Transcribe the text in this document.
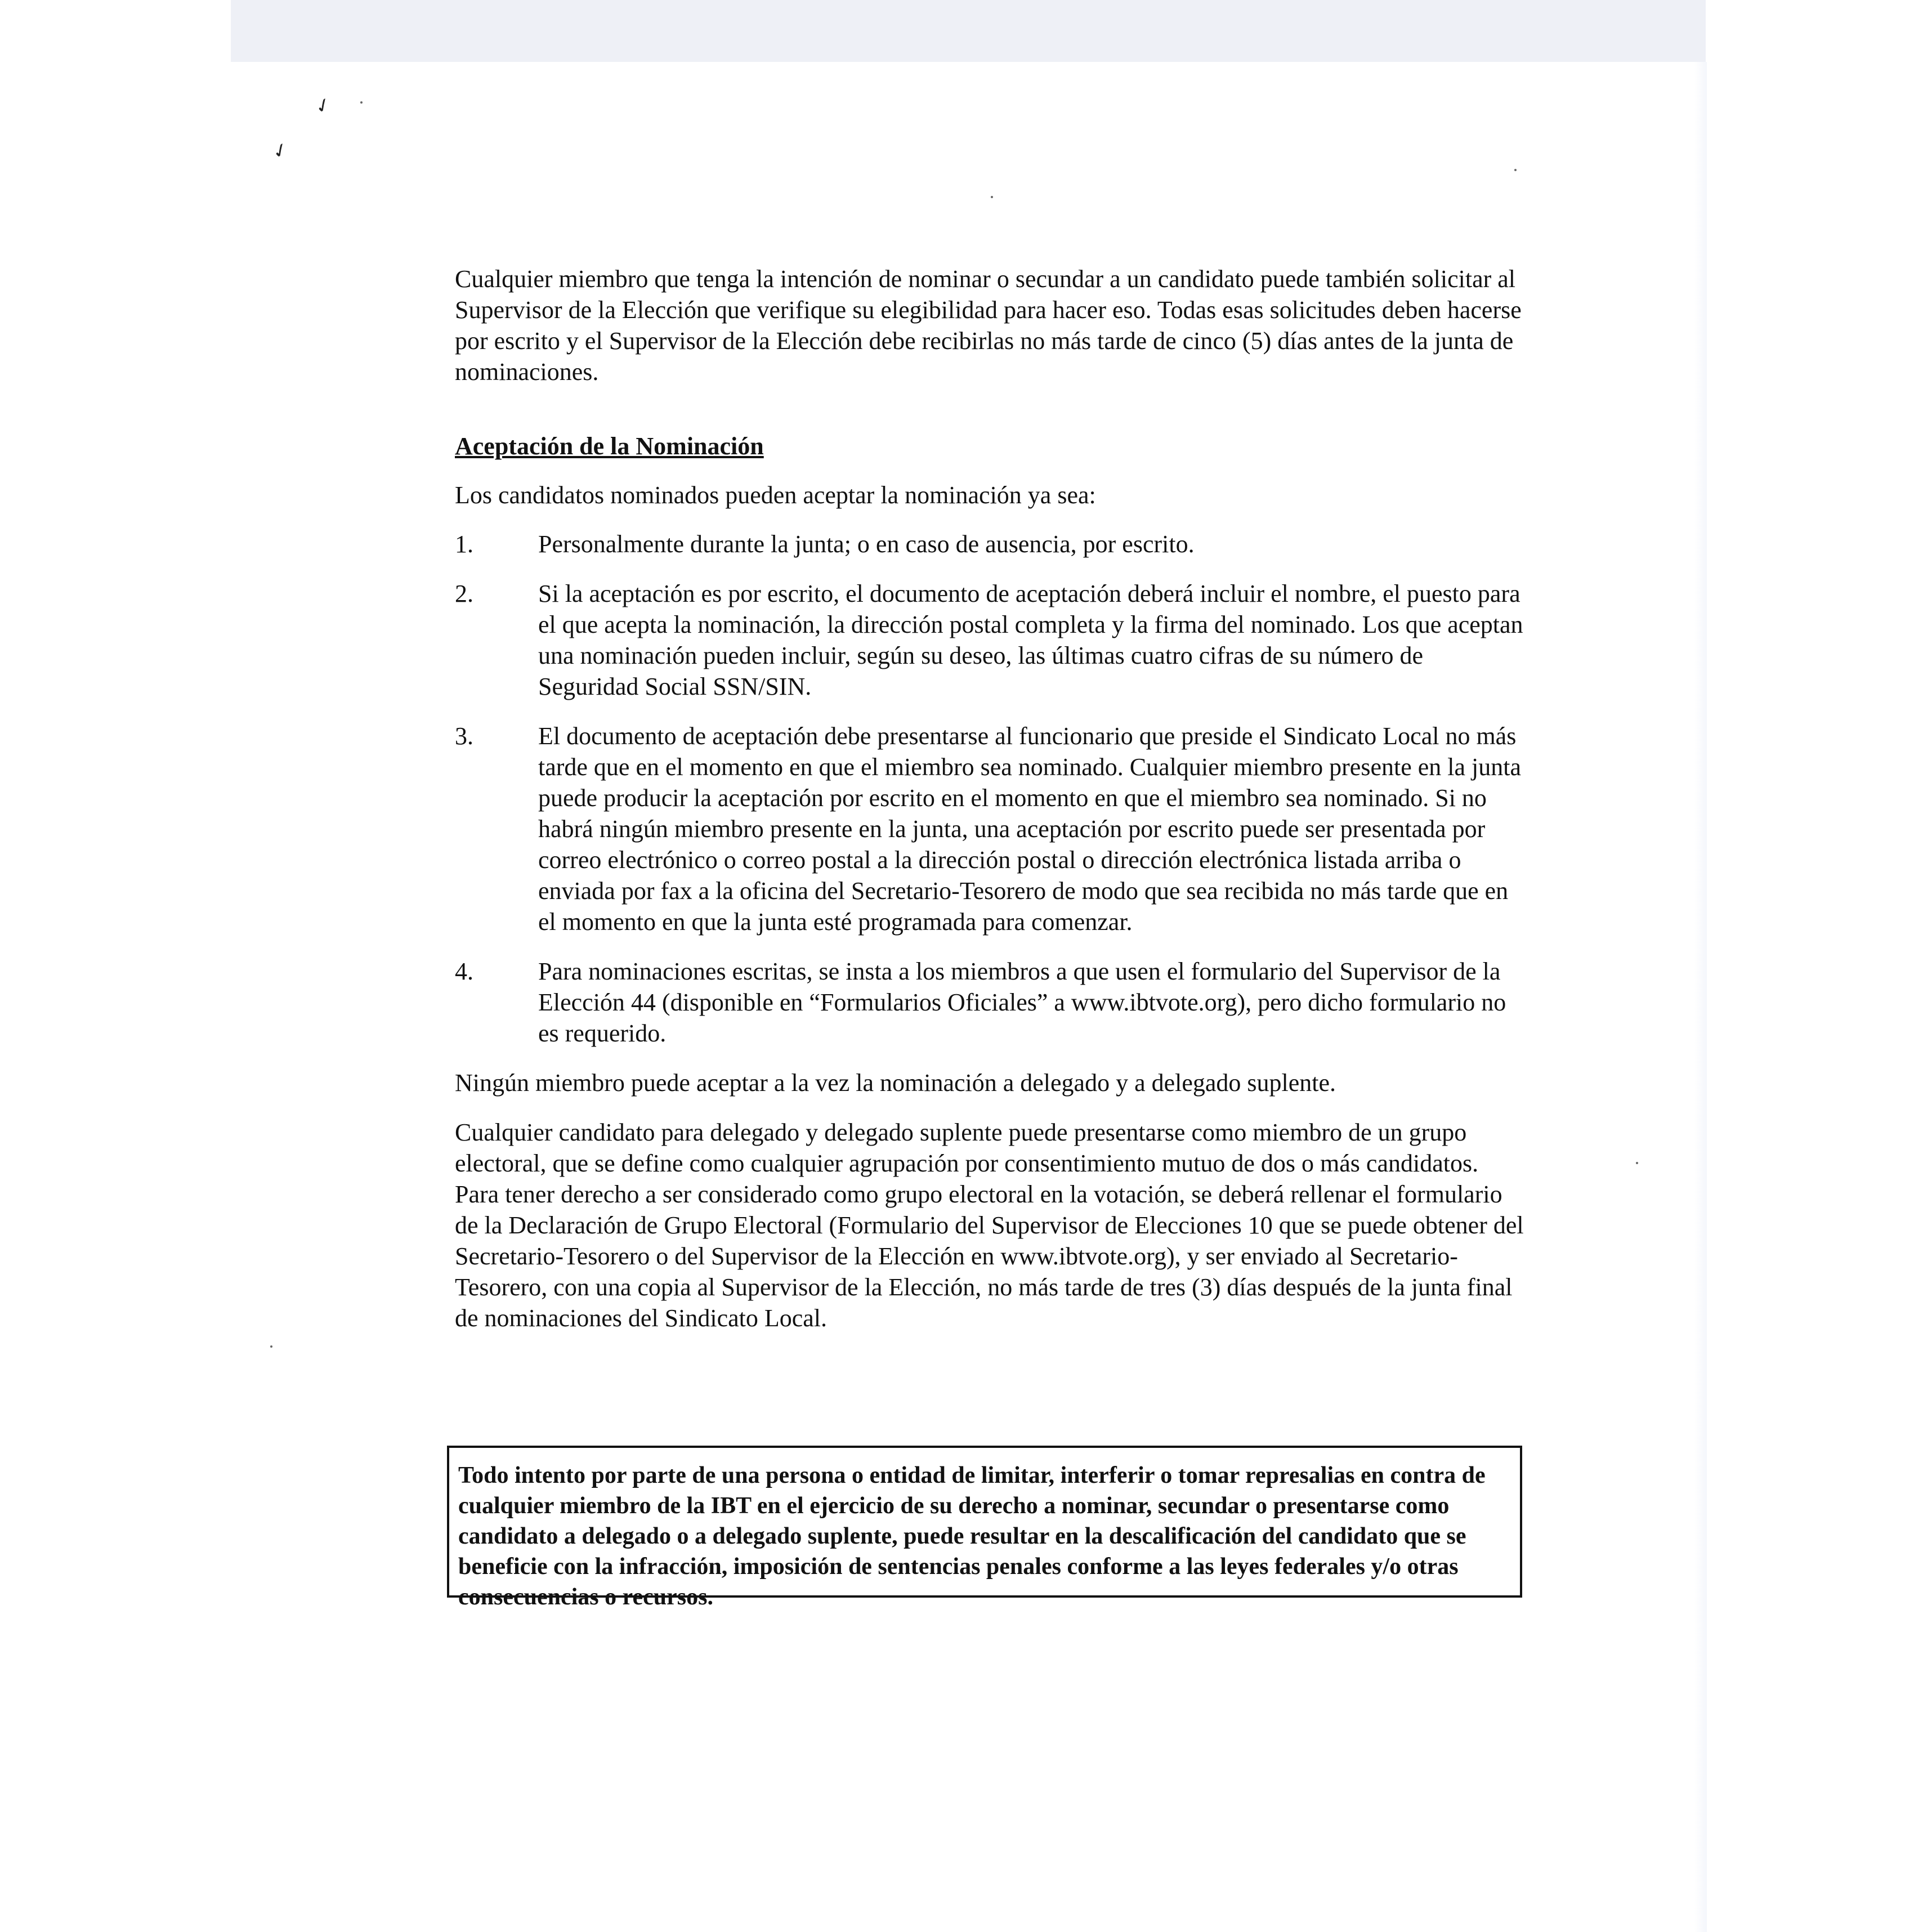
✓
✓

Cualquier miembro que tenga la intención de nominar o secundar a un candidato puede también solicitar al Supervisor de la Elección que verifique su elegibilidad para hacer eso. Todas esas solicitudes deben hacerse por escrito y el Supervisor de la Elección debe recibirlas no más tarde de cinco (5) días antes de la junta de nominaciones.

Aceptación de la Nominación

Los candidatos nominados pueden aceptar la nominación ya sea:

1.	Personalmente durante la junta; o en caso de ausencia, por escrito.
2.	Si la aceptación es por escrito, el documento de aceptación deberá incluir el nombre, el puesto para el que acepta la nominación, la dirección postal completa y la firma del nominado. Los que aceptan una nominación pueden incluir, según su deseo, las últimas cuatro cifras de su número de Seguridad Social SSN/SIN.
3.	El documento de aceptación debe presentarse al funcionario que preside el Sindicato Local no más tarde que en el momento en que el miembro sea nominado. Cualquier miembro presente en la junta puede producir la aceptación por escrito en el momento en que el miembro sea nominado. Si no habrá ningún miembro presente en la junta, una aceptación por escrito puede ser presentada por correo electrónico o correo postal a la dirección postal o dirección electrónica listada arriba o enviada por fax a la oficina del Secretario-Tesorero de modo que sea recibida no más tarde que en el momento en que la junta esté programada para comenzar.
4.	Para nominaciones escritas, se insta a los miembros a que usen el formulario del Supervisor de la Elección 44 (disponible en “Formularios Oficiales” a www.ibtvote.org), pero dicho formulario no es requerido.

Ningún miembro puede aceptar a la vez la nominación a delegado y a delegado suplente.

Cualquier candidato para delegado y delegado suplente puede presentarse como miembro de un grupo electoral, que se define como cualquier agrupación por consentimiento mutuo de dos o más candidatos. Para tener derecho a ser considerado como grupo electoral en la votación, se deberá rellenar el formulario de la Declaración de Grupo Electoral (Formulario del Supervisor de Elecciones 10 que se puede obtener del Secretario-Tesorero o del Supervisor de la Elección en www.ibtvote.org), y ser enviado al Secretario-Tesorero, con una copia al Supervisor de la Elección, no más tarde de tres (3) días después de la junta final de nominaciones del Sindicato Local.

Todo intento por parte de una persona o entidad de limitar, interferir o tomar represalias en contra de cualquier miembro de la IBT en el ejercicio de su derecho a nominar, secundar o presentarse como candidato a delegado o a delegado suplente, puede resultar en la descalificación del candidato que se beneficie con la infracción, imposición de sentencias penales conforme a las leyes federales y/o otras consecuencias o recursos.
